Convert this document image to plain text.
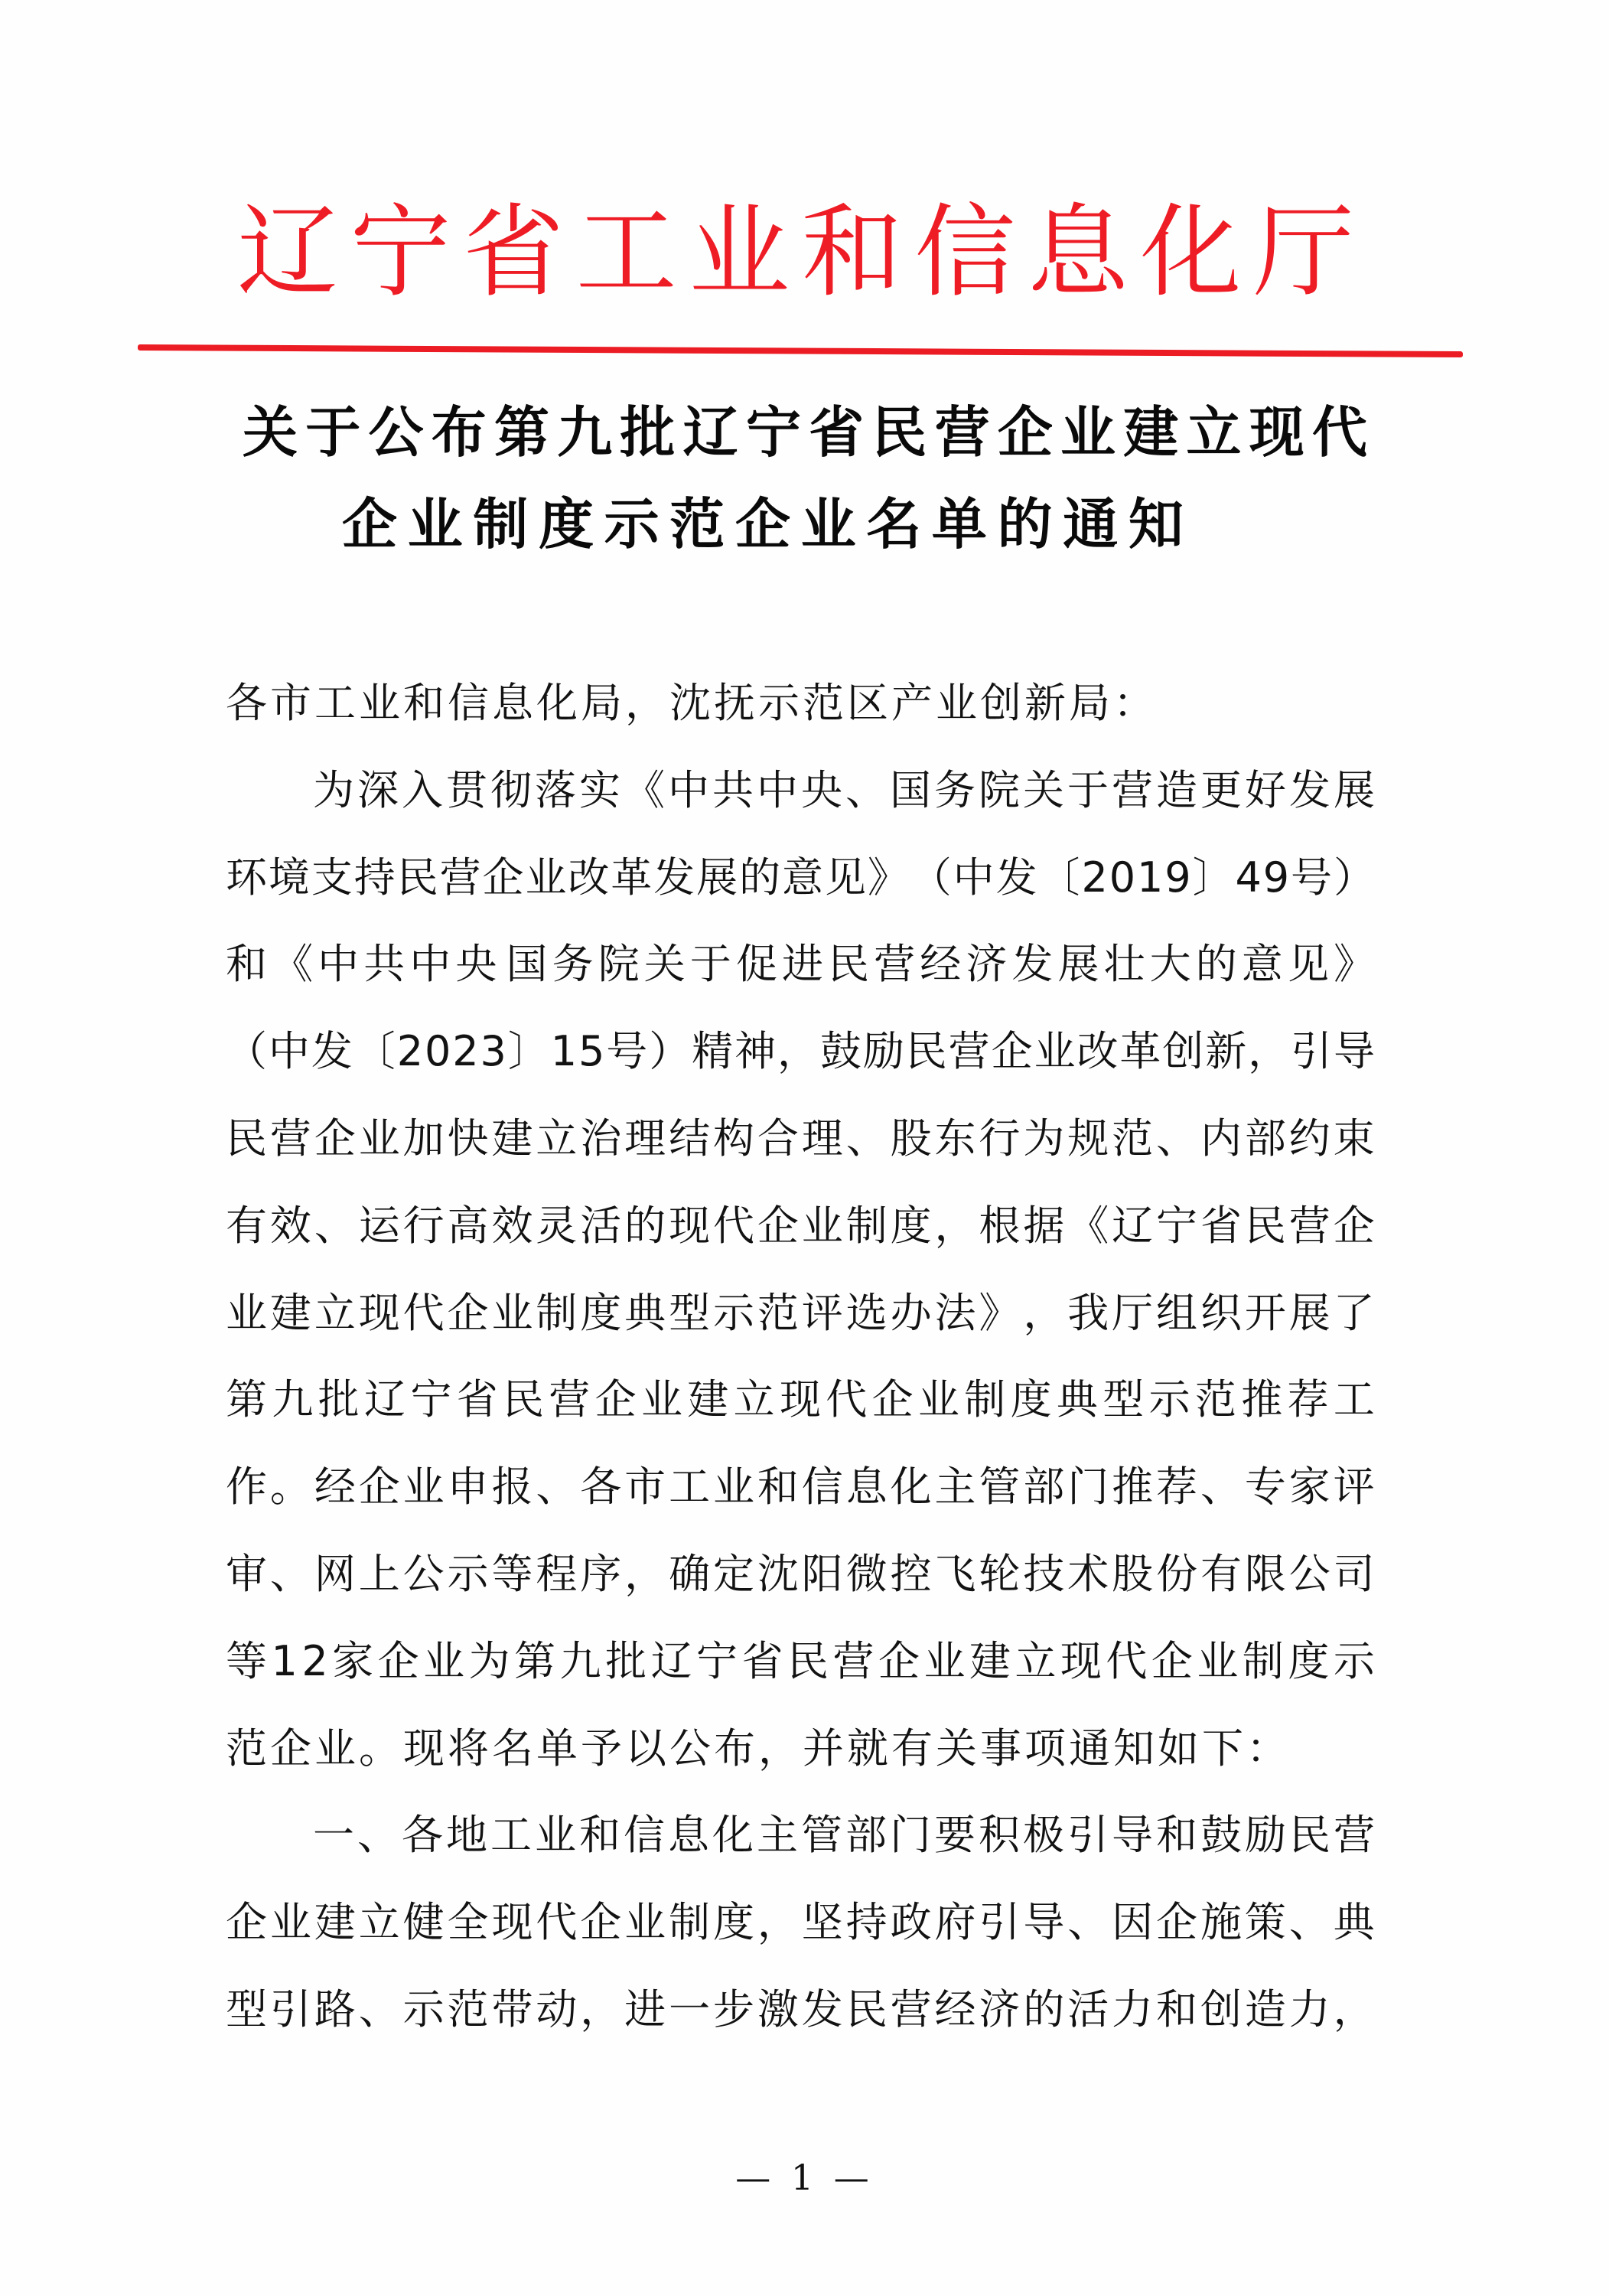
辽 宁 省 工 业 和 信 息 化 厅
关 于 公 布 第 九 批 辽 宁 省 民 营 企 业 建 立 现 代
企 业 制 度 示 范 企 业 名 单 的 通 知
各市工业和信息化局，沈抚示范区产业创新局：
为 深 入 贯 彻 落 实 《 中 共 中 央 、 国 务 院 关 于 营 造 更 好 发 展
环 境 支 持 民 营 企 业 改 革 发 展 的 意 见 》 （ 中 发 〔 2 0 1 9 〕 4 9 号 ）
和 《 中 共 中 央 国 务 院 关 于 促 进 民 营 经 济 发 展 壮 大 的 意 见 》
（ 中 发 〔 2 0 2 3 〕 1 5 号 ） 精 神 ， 鼓 励 民 营 企 业 改 革 创 新 ， 引 导
民 营 企 业 加 快 建 立 治 理 结 构 合 理 、 股 东 行 为 规 范 、 内 部 约 束
有 效 、 运 行 高 效 灵 活 的 现 代 企 业 制 度 ， 根 据 《 辽 宁 省 民 营 企
业 建 立 现 代 企 业 制 度 典 型 示 范 评 选 办 法 》 ， 我 厅 组 织 开 展 了
第 九 批 辽 宁 省 民 营 企 业 建 立 现 代 企 业 制 度 典 型 示 范 推 荐 工
作 。 经 企 业 申 报 、 各 市 工 业 和 信 息 化 主 管 部 门 推 荐 、 专 家 评
审 、 网 上 公 示 等 程 序 ， 确 定 沈 阳 微 控 飞 轮 技 术 股 份 有 限 公 司
等 1 2 家 企 业 为 第 九 批 辽 宁 省 民 营 企 业 建 立 现 代 企 业 制 度 示
范企业。现将名单予以公布，并就有关事项通知如下：
一 、 各 地 工 业 和 信 息 化 主 管 部 门 要 积 极 引 导 和 鼓 励 民 营
企 业 建 立 健 全 现 代 企 业 制 度 ， 坚 持 政 府 引 导 、 因 企 施 策 、 典
型 引 路 、 示 范 带 动 ， 进 一 步 激 发 民 营 经 济 的 活 力 和 创 造 力 ，
— 1 —
